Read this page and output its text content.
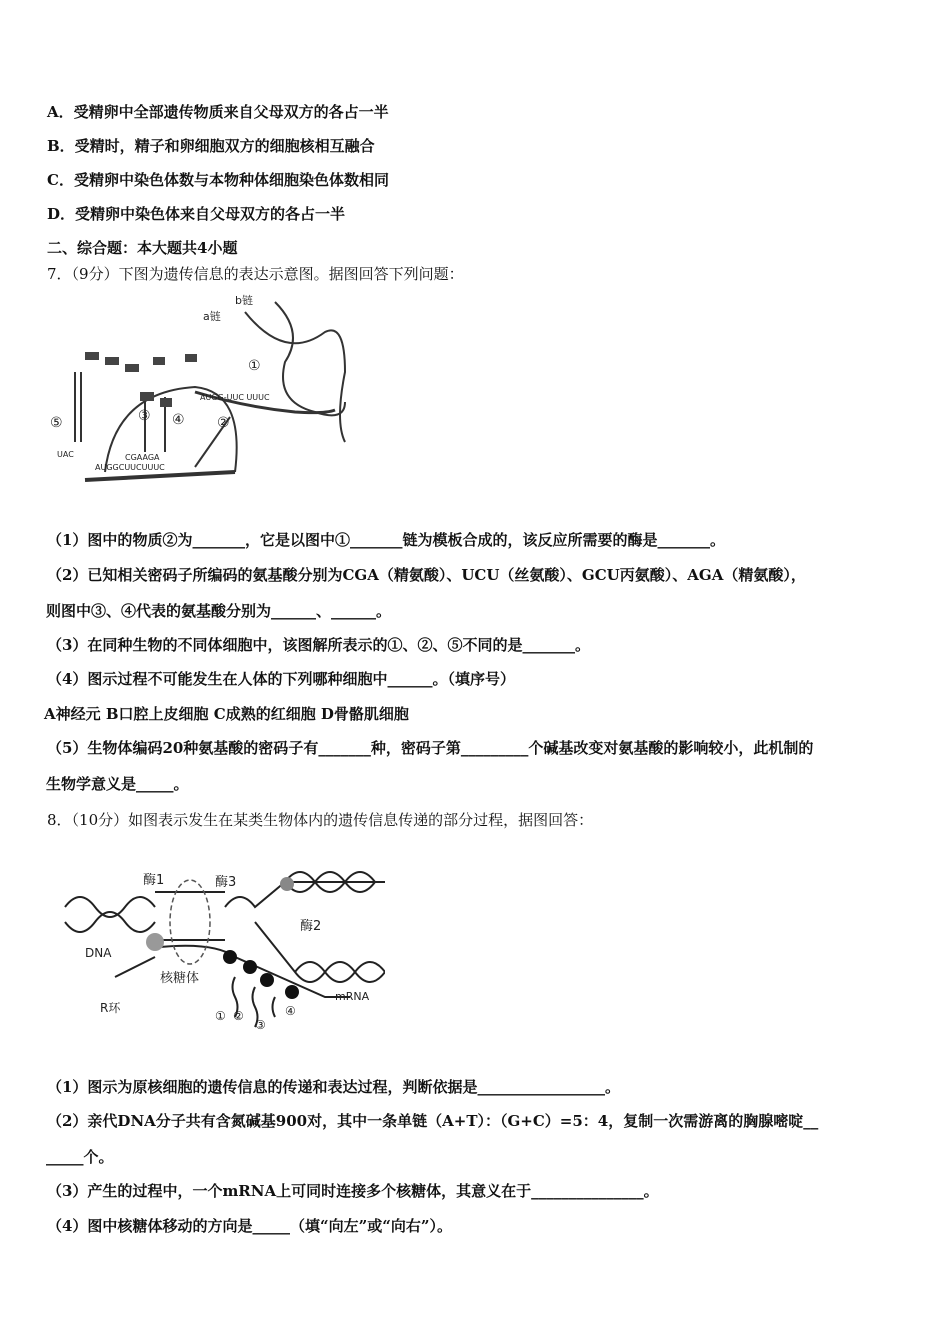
A．受精卵中全部遗传物质来自父母双方的各占一半
B．受精时，精子和卵细胞双方的细胞核相互融合
C．受精卵中染色体数与本物种体细胞染色体数相同
D．受精卵中染色体来自父母双方的各占一半
二、综合题：本大题共4小题
7．（9分）下图为遗传信息的表达示意图。据图回答下列问题：
b链
a链
①
②
③ ④
⑤
AUGG-UUC UUUC
AUGGCUUCUUUC
UAC	CGAAGA
（1）图中的物质②为_______，它是以图中①_______链为模板合成的，该反应所需要的酶是_______。
（2）已知相关密码子所编码的氨基酸分别为CGA（精氨酸）、UCU（丝氨酸）、GCU丙氨酸）、AGA（精氨酸），
则图中③、④代表的氨基酸分别为______、______。
（3）在同种生物的不同体细胞中，该图解所表示的①、②、⑤不同的是_______。
（4）图示过程不可能发生在人体的下列哪种细胞中______。（填序号）
A神经元 B口腔上皮细胞 C成熟的红细胞 D骨骼肌细胞
（5）生物体编码20种氨基酸的密码子有_______种，密码子第_________个碱基改变对氨基酸的影响较小，此机制的
生物学意义是_____。
8．（10分）如图表示发生在某类生物体内的遗传信息传递的部分过程，据图回答：
酶1	酶3
酶2
DNA
核糖体
R环
mRNA
① ②
③
④
（1）图示为原核细胞的遗传信息的传递和表达过程，判断依据是_________________。
（2）亲代DNA分子共有含氮碱基900对，其中一条单链（A+T）：（G+C）=5：4，复制一次需游离的胸腺嘧啶__
_____个。
（3）产生的过程中，一个mRNA上可同时连接多个核糖体，其意义在于_______________。
（4）图中核糖体移动的方向是_____（填“向左”或“向右”）。
